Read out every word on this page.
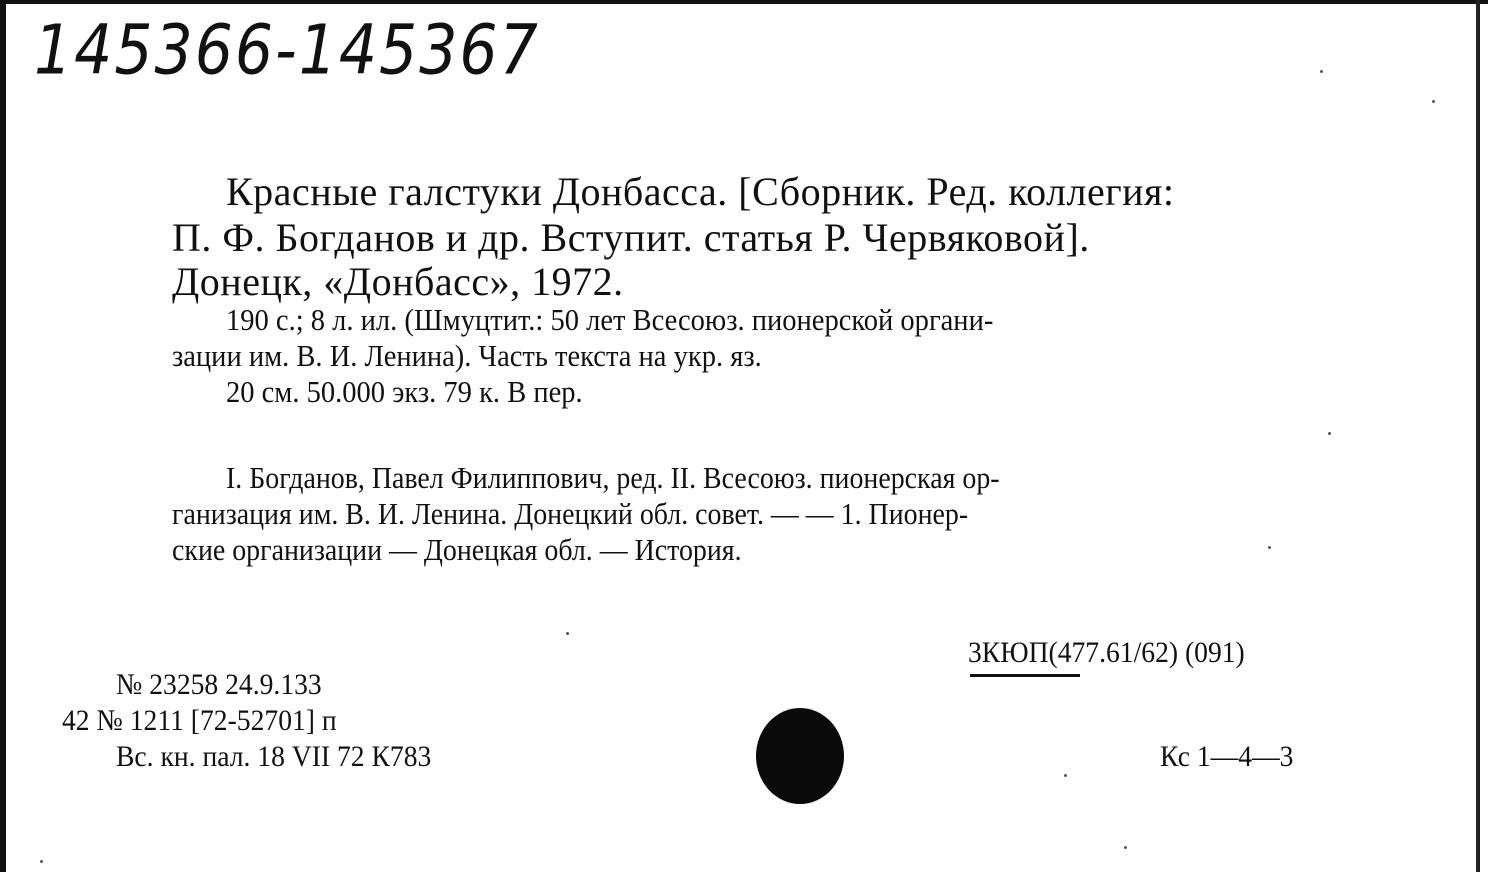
145366-145367
Красные галстуки Донбасса. [Сборник. Ред. коллегия:
П. Ф. Богданов и др. Вступит. статья Р. Червяковой].
Донецк, «Донбасс», 1972.
190 с.; 8 л. ил. (Шмуцтит.: 50 лет Всесоюз. пионерской органи-
зации им. В. И. Ленина). Часть текста на укр. яз.
20 см. 50.000 экз. 79 к. В пер.
I. Богданов, Павел Филиппович, ред. II. Всесоюз. пионерская ор-
ганизация им. В. И. Ленина. Донецкий обл. совет. — — 1. Пионер-
ские организации — Донецкая обл. — История.
3КЮП(477.61/62) (091)
№ 23258 24.9.133
42 № 1211 [72-52701] п
Вс. кн. пал. 18 VII 72 К783	Кс 1—4—3
